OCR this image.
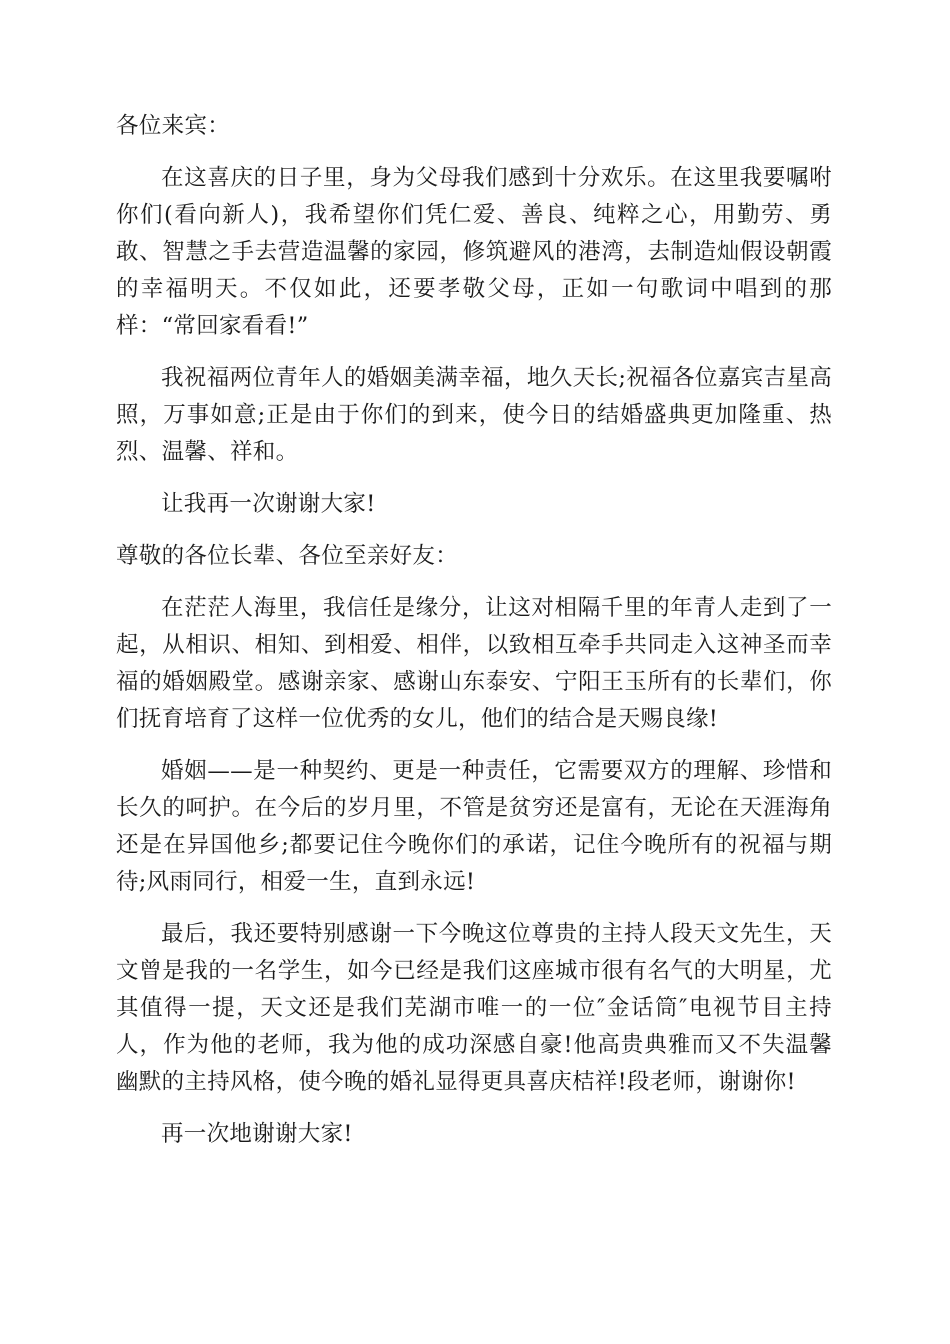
各位来宾：

在这喜庆的日子里，身为父母我们感到十分欢乐。在这里我要嘱咐你们(看向新人)，我希望你们凭仁爱、善良、纯粹之心，用勤劳、勇敢、智慧之手去营造温馨的家园，修筑避风的港湾，去制造灿假设朝霞的幸福明天。不仅如此，还要孝敬父母，正如一句歌词中唱到的那样：“常回家看看!”

我祝福两位青年人的婚姻美满幸福，地久天长;祝福各位嘉宾吉星高照，万事如意;正是由于你们的到来，使今日的结婚盛典更加隆重、热烈、温馨、祥和。

让我再一次谢谢大家!

尊敬的各位长辈、各位至亲好友：

在茫茫人海里，我信任是缘分，让这对相隔千里的年青人走到了一起，从相识、相知、到相爱、相伴，以致相互牵手共同走入这神圣而幸福的婚姻殿堂。感谢亲家、感谢山东泰安、宁阳王玉所有的长辈们，你们抚育培育了这样一位优秀的女儿，他们的结合是天赐良缘!

婚姻——是一种契约、更是一种责任，它需要双方的理解、珍惜和长久的呵护。在今后的岁月里，不管是贫穷还是富有，无论在天涯海角还是在异国他乡;都要记住今晚你们的承诺，记住今晚所有的祝福与期待;风雨同行，相爱一生，直到永远!

最后，我还要特别感谢一下今晚这位尊贵的主持人段天文先生，天文曾是我的一名学生，如今已经是我们这座城市很有名气的大明星，尤其值得一提，天文还是我们芜湖市唯一的一位″金话筒″电视节目主持人，作为他的老师，我为他的成功深感自豪!他高贵典雅而又不失温馨幽默的主持风格，使今晚的婚礼显得更具喜庆桔祥!段老师，谢谢你!

再一次地谢谢大家!
